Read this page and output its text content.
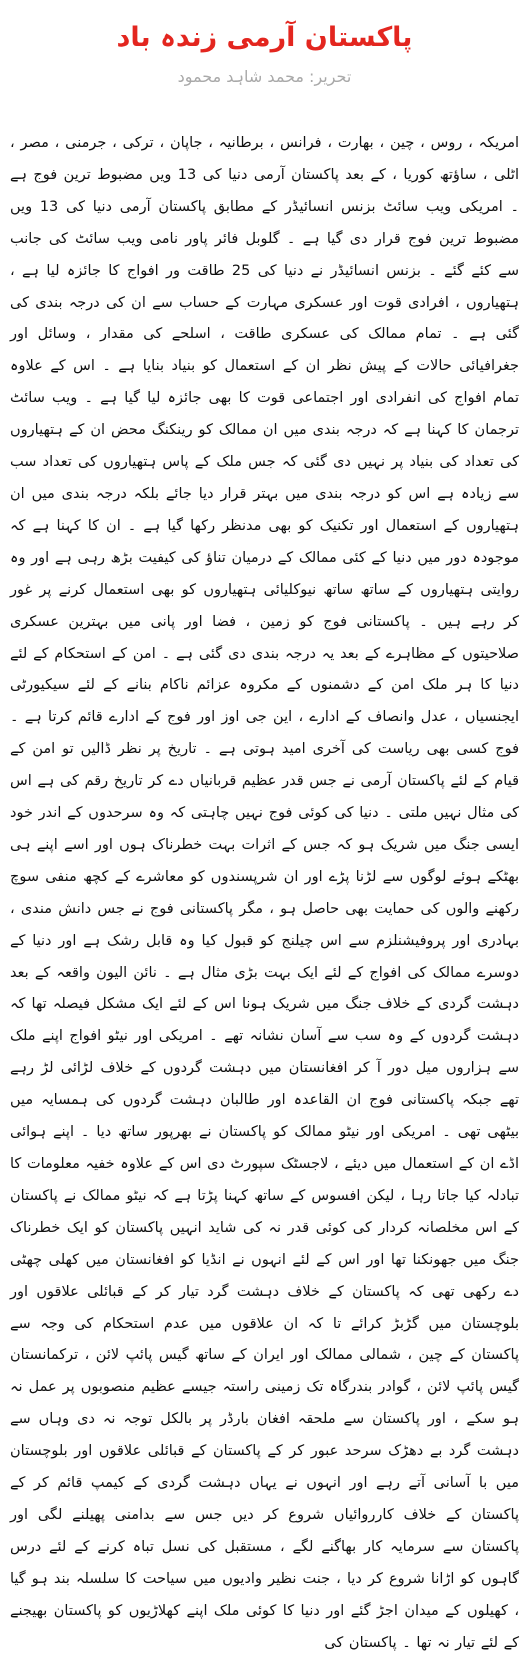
پاکستان آرمی زندہ باد
تحریر: محمد شاہد محمود

امریکہ ، روس ، چین ، بھارت ، فرانس ، برطانیہ ، جاپان ، ترکی ، جرمنی ، مصر ، اٹلی ، ساؤتھ کوریا ، کے بعد پاکستان آرمی دنیا کی 13 ویں مضبوط ترین فوج ہے ۔ امریکی ویب سائٹ بزنس انسائیڈر کے مطابق پاکستان آرمی دنیا کی 13 ویں مضبوط ترین فوج قرار دی گیا ہے ۔ گلوبل فائر پاور نامی ویب سائٹ کی جانب سے کئے گئے ۔ بزنس انسائیڈر نے دنیا کی 25 طاقت ور افواج کا جائزہ لیا ہے ، ہتھیاروں ، افرادی قوت اور عسکری مہارت کے حساب سے ان کی درجہ بندی کی گئی ہے ۔ تمام ممالک کی عسکری طاقت ، اسلحے کی مقدار ، وسائل اور جغرافیائی حالات کے پیش نظر ان کے استعمال کو بنیاد بنایا ہے ۔ اس کے علاوہ تمام افواج کی انفرادی اور اجتماعی قوت کا بھی جائزہ لیا گیا ہے ۔ ویب سائٹ ترجمان کا کہنا ہے کہ درجہ بندی میں ان ممالک کو رینکنگ محض ان کے ہتھیاروں کی تعداد کی بنیاد پر نہیں دی گئی کہ جس ملک کے پاس ہتھیاروں کی تعداد سب سے زیادہ ہے اس کو درجہ بندی میں بہتر قرار دیا جائے بلکہ درجہ بندی میں ان ہتھیاروں کے استعمال اور تکنیک کو بھی مدنظر رکھا گیا ہے ۔ ان کا کہنا ہے کہ موجودہ دور میں دنیا کے کئی ممالک کے درمیان تناؤ کی کیفیت بڑھ رہی ہے اور وہ روایتی ہتھیاروں کے ساتھ ساتھ نیوکلیائی ہتھیاروں کو بھی استعمال کرنے پر غور کر رہے ہیں ۔ پاکستانی فوج کو زمین ، فضا اور پانی میں بہترین عسکری صلاحیتوں کے مظاہرے کے بعد یہ درجہ بندی دی گئی ہے ۔ امن کے استحکام کے لئے دنیا کا ہر ملک امن کے دشمنوں کے مکروہ عزائم ناکام بنانے کے لئے سیکیورٹی ایجنسیاں ، عدل وانصاف کے ادارے ، این جی اوز اور فوج کے ادارے قائم کرتا ہے ۔ فوج کسی بھی ریاست کی آخری امید ہوتی ہے ۔ تاریخ پر نظر ڈالیں تو امن کے قیام کے لئے پاکستان آرمی نے جس قدر عظیم قربانیاں دے کر تاریخ رقم کی ہے اس کی مثال نہیں ملتی ۔ دنیا کی کوئی فوج نہیں چاہتی کہ وہ سرحدوں کے اندر خود ایسی جنگ میں شریک ہو کہ جس کے اثرات بہت خطرناک ہوں اور اسے اپنے ہی بھٹکے ہوئے لوگوں سے لڑنا پڑے اور ان شرپسندوں کو معاشرے کے کچھ منفی سوچ رکھنے والوں کی حمایت بھی حاصل ہو ، مگر پاکستانی فوج نے جس دانش مندی ، بہادری اور پروفیشنلزم سے اس چیلنج کو قبول کیا وہ قابل رشک ہے اور دنیا کے دوسرے ممالک کی افواج کے لئے ایک بہت بڑی مثال ہے ۔ نائن الیون واقعہ کے بعد دہشت گردی کے خلاف جنگ میں شریک ہونا اس کے لئے ایک مشکل فیصلہ تھا کہ دہشت گردوں کے وہ سب سے آسان نشانہ تھے ۔ امریکی اور نیٹو افواج اپنے ملک سے ہزاروں میل دور آ کر افغانستان میں دہشت گردوں کے خلاف لڑائی لڑ رہے تھے جبکہ پاکستانی فوج ان القاعدہ اور طالبان دہشت گردوں کی ہمسایہ میں بیٹھی تھی ۔ امریکی اور نیٹو ممالک کو پاکستان نے بھرپور ساتھ دیا ۔ اپنے ہوائی اڈے ان کے استعمال میں دیئے ، لاجسٹک سپورٹ دی اس کے علاوہ خفیہ معلومات کا تبادلہ کیا جاتا رہا ، لیکن افسوس کے ساتھ کہنا پڑتا ہے کہ نیٹو ممالک نے پاکستان کے اس مخلصانہ کردار کی کوئی قدر نہ کی شاید انہیں پاکستان کو ایک خطرناک جنگ میں جھونکنا تھا اور اس کے لئے انہوں نے انڈیا کو افغانستان میں کھلی چھٹی دے رکھی تھی کہ پاکستان کے خلاف دہشت گرد تیار کر کے قبائلی علاقوں اور بلوچستان میں گڑبڑ کرائے تا کہ ان علاقوں میں عدم استحکام کی وجہ سے پاکستان کے چین ، شمالی ممالک اور ایران کے ساتھ گیس پائپ لائن ، ترکمانستان گیس پائپ لائن ، گوادر بندرگاہ تک زمینی راستہ جیسے عظیم منصوبوں پر عمل نہ ہو سکے ، اور پاکستان سے ملحقہ افغان بارڈر پر بالکل توجہ نہ دی وہاں سے دہشت گرد بے دھڑک سرحد عبور کر کے پاکستان کے قبائلی علاقوں اور بلوچستان میں با آسانی آتے رہے اور انہوں نے یہاں دہشت گردی کے کیمپ قائم کر کے پاکستان کے خلاف کارروائیاں شروع کر دیں جس سے بدامنی پھیلنے لگی اور پاکستان سے سرمایہ کار بھاگنے لگے ، مستقبل کی نسل تباہ کرنے کے لئے درس گاہوں کو اڑانا شروع کر دیا ، جنت نظیر وادیوں میں سیاحت کا سلسلہ بند ہو گیا ، کھیلوں کے میدان اجڑ گئے اور دنیا کا کوئی ملک اپنے کھلاڑیوں کو پاکستان بھیجنے کے لئے تیار نہ تھا ۔ پاکستان کی
